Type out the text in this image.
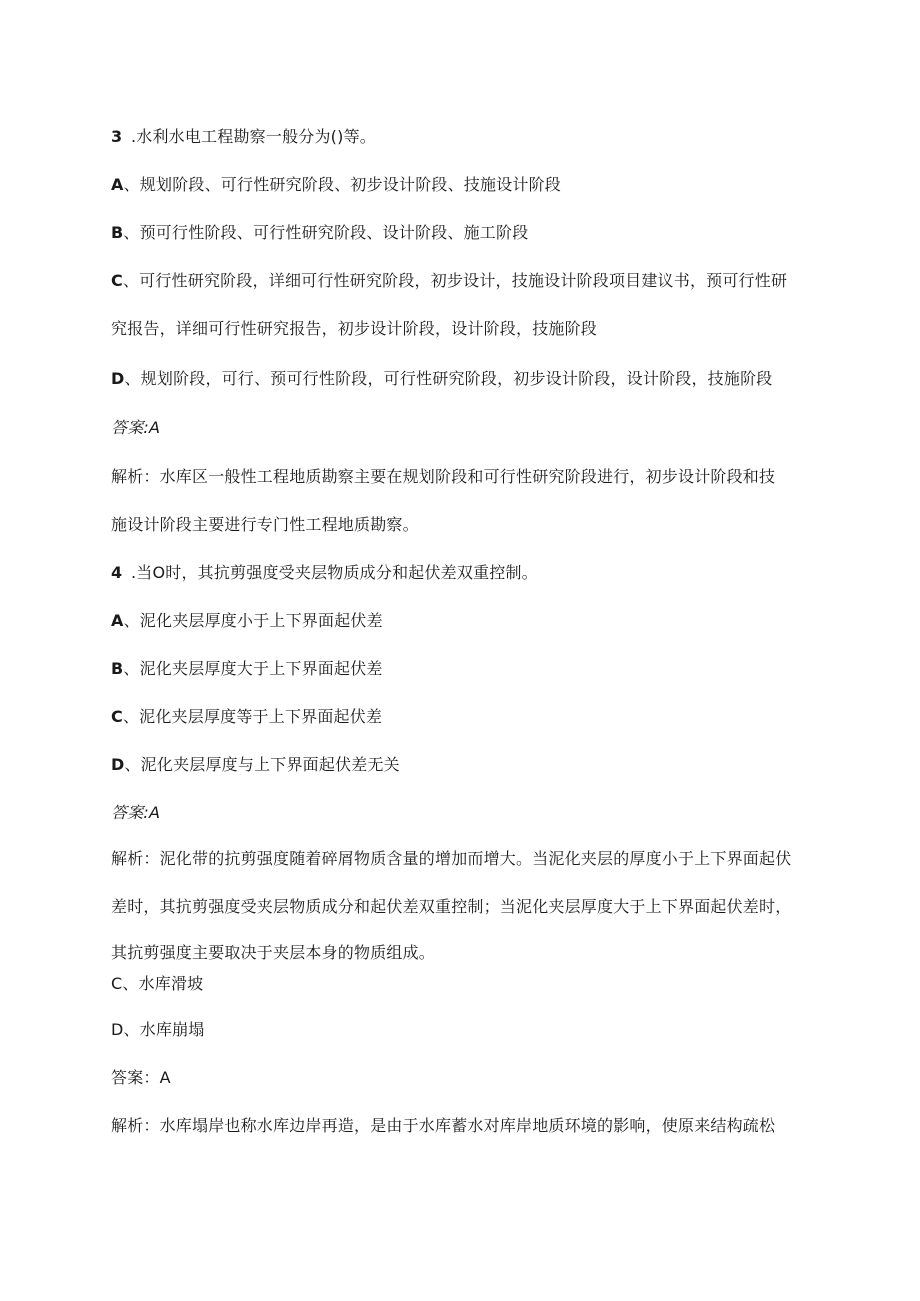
3 .水利水电工程勘察一般分为()等。
A、规划阶段、可行性研究阶段、初步设计阶段、技施设计阶段
B、预可行性阶段、可行性研究阶段、设计阶段、施工阶段
C、可行性研究阶段，详细可行性研究阶段，初步设计，技施设计阶段项目建议书，预可行性研
究报告，详细可行性研究报告，初步设计阶段，设计阶段，技施阶段
D、规划阶段，可行、预可行性阶段，可行性研究阶段，初步设计阶段，设计阶段，技施阶段
答案:A
解析：水库区一般性工程地质勘察主要在规划阶段和可行性研究阶段进行，初步设计阶段和技
施设计阶段主要进行专门性工程地质勘察。
4 .当O时，其抗剪强度受夹层物质成分和起伏差双重控制。
A、泥化夹层厚度小于上下界面起伏差
B、泥化夹层厚度大于上下界面起伏差
C、泥化夹层厚度等于上下界面起伏差
D、泥化夹层厚度与上下界面起伏差无关
答案:A
解析：泥化带的抗剪强度随着碎屑物质含量的增加而增大。当泥化夹层的厚度小于上下界面起伏
差时，其抗剪强度受夹层物质成分和起伏差双重控制；当泥化夹层厚度大于上下界面起伏差时，
其抗剪强度主要取决于夹层本身的物质组成。
C、水库滑坡
D、水库崩塌
答案：A
解析：水库塌岸也称水库边岸再造，是由于水库蓄水对库岸地质环境的影响，使原来结构疏松
